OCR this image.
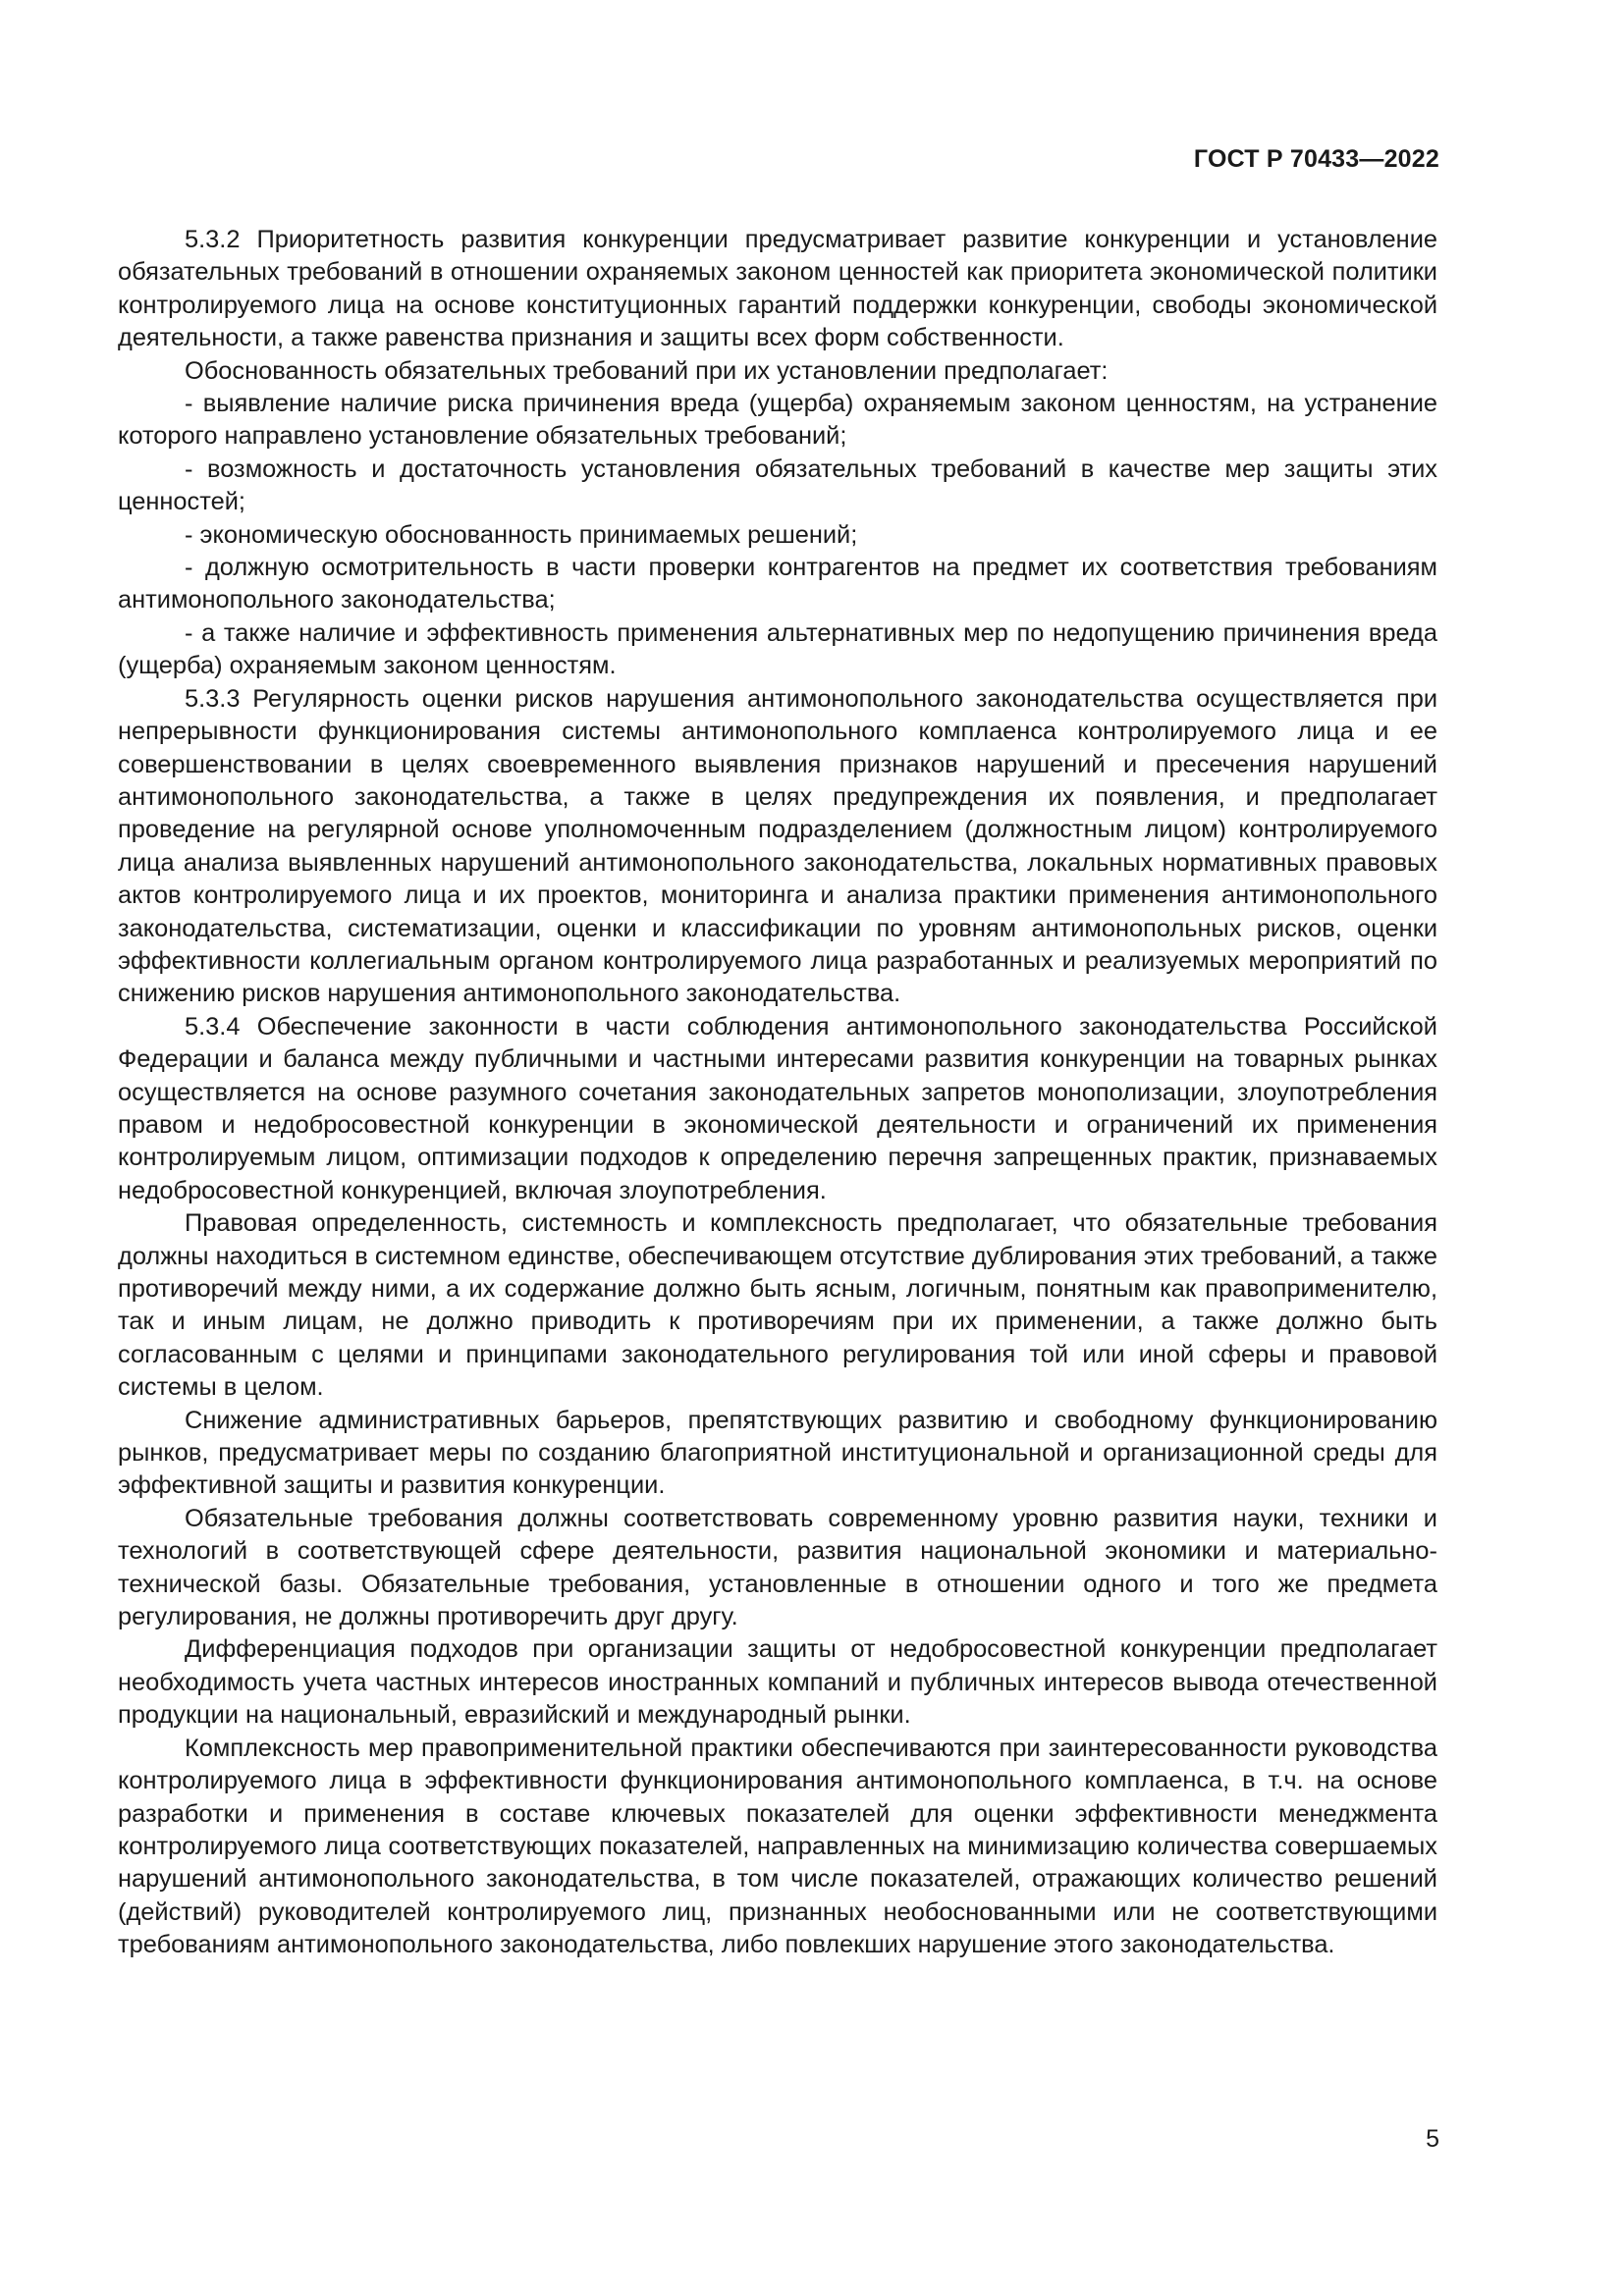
ГОСТ Р 70433—2022

5.3.2 Приоритетность развития конкуренции предусматривает развитие конкуренции и установление обязательных требований в отношении охраняемых законом ценностей как приоритета экономической политики контролируемого лица на основе конституционных гарантий поддержки конкуренции, свободы экономической деятельности, а также равенства признания и защиты всех форм собственности.

Обоснованность обязательных требований при их установлении предполагает:

- выявление наличие риска причинения вреда (ущерба) охраняемым законом ценностям, на устранение которого направлено установление обязательных требований;

- возможность и достаточность установления обязательных требований в качестве мер защиты этих ценностей;

- экономическую обоснованность принимаемых решений;

- должную осмотрительность в части проверки контрагентов на предмет их соответствия требованиям антимонопольного законодательства;

- а также наличие и эффективность применения альтернативных мер по недопущению причинения вреда (ущерба) охраняемым законом ценностям.

5.3.3 Регулярность оценки рисков нарушения антимонопольного законодательства осуществляется при непрерывности функционирования системы антимонопольного комплаенса контролируемого лица и ее совершенствовании в целях своевременного выявления признаков нарушений и пресечения нарушений антимонопольного законодательства, а также в целях предупреждения их появления, и предполагает проведение на регулярной основе уполномоченным подразделением (должностным лицом) контролируемого лица анализа выявленных нарушений антимонопольного законодательства, локальных нормативных правовых актов контролируемого лица и их проектов, мониторинга и анализа практики применения антимонопольного законодательства, систематизации, оценки и классификации по уровням антимонопольных рисков, оценки эффективности коллегиальным органом контролируемого лица разработанных и реализуемых мероприятий по снижению рисков нарушения антимонопольного законодательства.

5.3.4 Обеспечение законности в части соблюдения антимонопольного законодательства Российской Федерации и баланса между публичными и частными интересами развития конкуренции на товарных рынках осуществляется на основе разумного сочетания законодательных запретов монополизации, злоупотребления правом и недобросовестной конкуренции в экономической деятельности и ограничений их применения контролируемым лицом, оптимизации подходов к определению перечня запрещенных практик, признаваемых недобросовестной конкуренцией, включая злоупотребления.

Правовая определенность, системность и комплексность предполагает, что обязательные требования должны находиться в системном единстве, обеспечивающем отсутствие дублирования этих требований, а также противоречий между ними, а их содержание должно быть ясным, логичным, понятным как правоприменителю, так и иным лицам, не должно приводить к противоречиям при их применении, а также должно быть согласованным с целями и принципами законодательного регулирования той или иной сферы и правовой системы в целом.

Снижение административных барьеров, препятствующих развитию и свободному функционированию рынков, предусматривает меры по созданию благоприятной институциональной и организационной среды для эффективной защиты и развития конкуренции.

Обязательные требования должны соответствовать современному уровню развития науки, техники и технологий в соответствующей сфере деятельности, развития национальной экономики и материально-технической базы. Обязательные требования, установленные в отношении одного и того же предмета регулирования, не должны противоречить друг другу.

Дифференциация подходов при организации защиты от недобросовестной конкуренции предполагает необходимость учета частных интересов иностранных компаний и публичных интересов вывода отечественной продукции на национальный, евразийский и международный рынки.

Комплексность мер правоприменительной практики обеспечиваются при заинтересованности руководства контролируемого лица в эффективности функционирования антимонопольного комплаенса, в т.ч. на основе разработки и применения в составе ключевых показателей для оценки эффективности менеджмента контролируемого лица соответствующих показателей, направленных на минимизацию количества совершаемых нарушений антимонопольного законодательства, в том числе показателей, отражающих количество решений (действий) руководителей контролируемого лиц, признанных необоснованными или не соответствующими требованиям антимонопольного законодательства, либо повлекших нарушение этого законодательства.

5
